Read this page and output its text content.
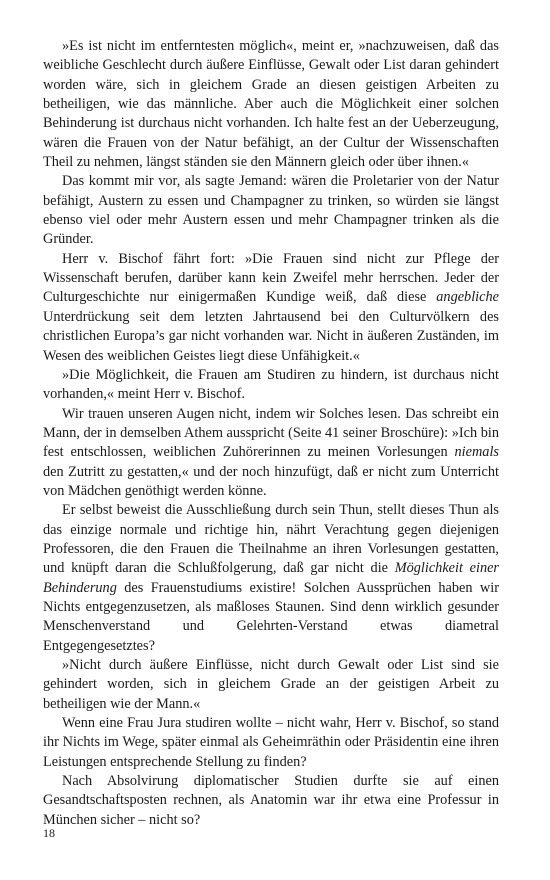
»Es ist nicht im entferntesten möglich«, meint er, »nachzuweisen, daß das weibliche Geschlecht durch äußere Einflüsse, Gewalt oder List daran gehindert worden wäre, sich in gleichem Grade an diesen geistigen Arbeiten zu betheiligen, wie das männliche. Aber auch die Möglichkeit einer solchen Behinderung ist durchaus nicht vorhanden. Ich halte fest an der Ueberzeugung, wären die Frauen von der Natur befähigt, an der Cultur der Wissenschaften Theil zu nehmen, längst ständen sie den Männern gleich oder über ihnen.«

Das kommt mir vor, als sagte Jemand: wären die Proletarier von der Natur befähigt, Austern zu essen und Champagner zu trinken, so würden sie längst ebenso viel oder mehr Austern essen und mehr Champagner trinken als die Gründer.

Herr v. Bischof fährt fort: »Die Frauen sind nicht zur Pflege der Wissenschaft berufen, darüber kann kein Zweifel mehr herrschen. Jeder der Culturgeschichte nur einigermaßen Kundige weiß, daß diese angebliche Unterdrückung seit dem letzten Jahrtausend bei den Culturvölkern des christlichen Europa’s gar nicht vorhanden war. Nicht in äußeren Zuständen, im Wesen des weiblichen Geistes liegt diese Unfähigkeit.«

»Die Möglichkeit, die Frauen am Studiren zu hindern, ist durchaus nicht vorhanden,« meint Herr v. Bischof.

Wir trauen unseren Augen nicht, indem wir Solches lesen. Das schreibt ein Mann, der in demselben Athem ausspricht (Seite 41 seiner Broschüre): »Ich bin fest entschlossen, weiblichen Zuhörerinnen zu meinen Vorlesungen niemals den Zutritt zu gestatten,« und der noch hinzufügt, daß er nicht zum Unterricht von Mädchen genöthigt werden könne.

Er selbst beweist die Ausschließung durch sein Thun, stellt dieses Thun als das einzige normale und richtige hin, nährt Verachtung gegen diejenigen Professoren, die den Frauen die Theilnahme an ihren Vorlesungen gestatten, und knüpft daran die Schlußfolgerung, daß gar nicht die Möglichkeit einer Behinderung des Frauenstudiums existire! Solchen Aussprüchen haben wir Nichts entgegenzusetzen, als maßloses Staunen. Sind denn wirklich gesunder Menschenverstand und Gelehrten-Verstand etwas diametral Entgegengesetztes?

»Nicht durch äußere Einflüsse, nicht durch Gewalt oder List sind sie gehindert worden, sich in gleichem Grade an der geistigen Arbeit zu betheiligen wie der Mann.«

Wenn eine Frau Jura studiren wollte – nicht wahr, Herr v. Bischof, so stand ihr Nichts im Wege, später einmal als Geheimräthin oder Präsidentin eine ihren Leistungen entsprechende Stellung zu finden?

Nach Absolvirung diplomatischer Studien durfte sie auf einen Gesandtschaftsposten rechnen, als Anatomin war ihr etwa eine Professur in München sicher – nicht so?

18
